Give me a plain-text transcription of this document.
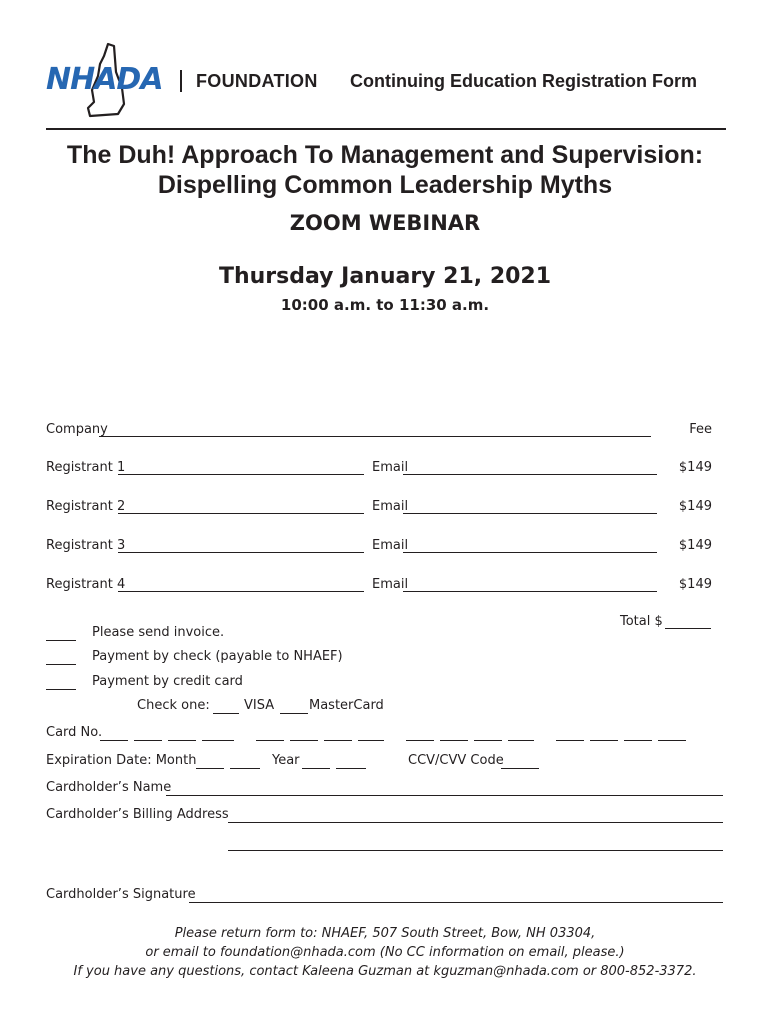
NHADA FOUNDATION Continuing Education Registration Form
The Duh! Approach To Management and Supervision:
Dispelling Common Leadership Myths
ZOOM WEBINAR
Thursday January 21, 2021
10:00 a.m. to 11:30 a.m.
Company	Fee
Registrant 1	Email	$149
Registrant 2	Email	$149
Registrant 3	Email	$149
Registrant 4	Email	$149
Total $
Please send invoice.
Payment by check (payable to NHAEF)
Payment by credit card
Check one:	VISA	MasterCard
Card No.
Expiration Date: Month	Year	CCV/CVV Code
Cardholder’s Name
Cardholder’s Billing Address
Cardholder’s Signature
Please return form to: NHAEF, 507 South Street, Bow, NH 03304,
or email to foundation@nhada.com (No CC information on email, please.)
If you have any questions, contact Kaleena Guzman at kguzman@nhada.com or 800-852-3372.
